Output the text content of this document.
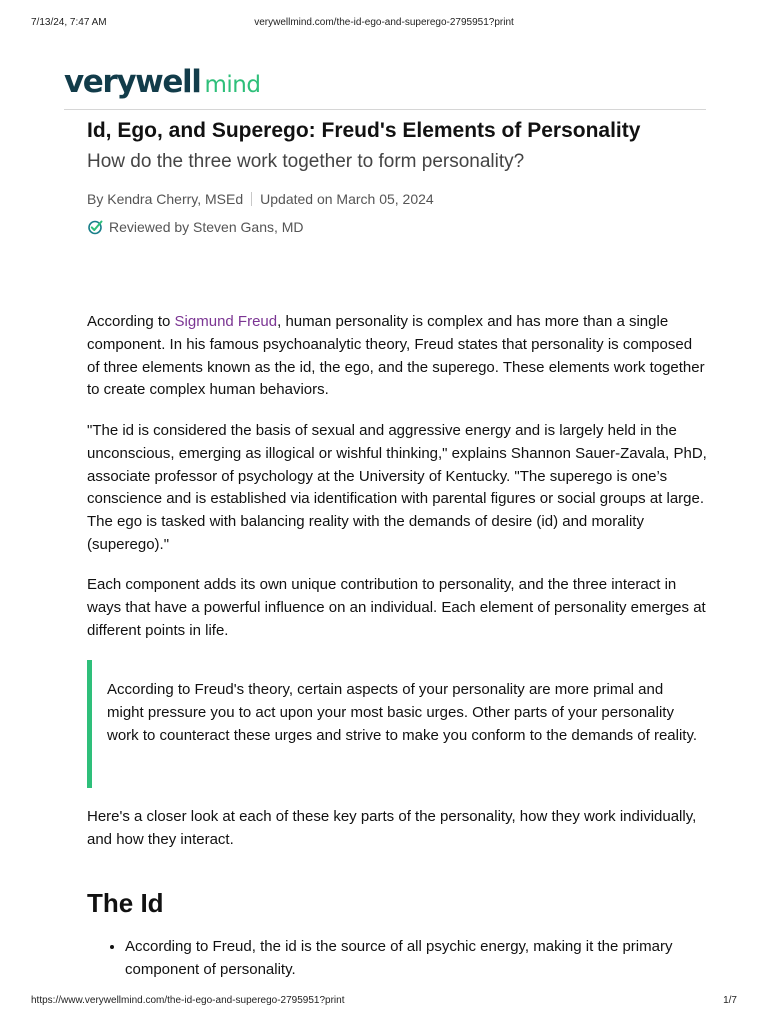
7/13/24, 7:47 AM	verywellmind.com/the-id-ego-and-superego-2795951?print
verywell mind
Id, Ego, and Superego: Freud's Elements of Personality

How do the three work together to form personality?

By Kendra Cherry, MSEd Updated on March 05, 2024
Reviewed by Steven Gans, MD

According to Sigmund Freud, human personality is complex and has more than a single component. In his famous psychoanalytic theory, Freud states that personality is composed of three elements known as the id, the ego, and the superego. These elements work together to create complex human behaviors.

"The id is considered the basis of sexual and aggressive energy and is largely held in the unconscious, emerging as illogical or wishful thinking," explains Shannon Sauer-Zavala, PhD, associate professor of psychology at the University of Kentucky. "The superego is one’s conscience and is established via identification with parental figures or social groups at large. The ego is tasked with balancing reality with the demands of desire (id) and morality (superego)."

Each component adds its own unique contribution to personality, and the three interact in ways that have a powerful influence on an individual. Each element of personality emerges at different points in life.

According to Freud's theory, certain aspects of your personality are more primal and might pressure you to act upon your most basic urges. Other parts of your personality work to counteract these urges and strive to make you conform to the demands of reality.

Here's a closer look at each of these key parts of the personality, how they work individually, and how they interact.

The Id
• According to Freud, the id is the source of all psychic energy, making it the primary component of personality.
https://www.verywellmind.com/the-id-ego-and-superego-2795951?print	1/7
